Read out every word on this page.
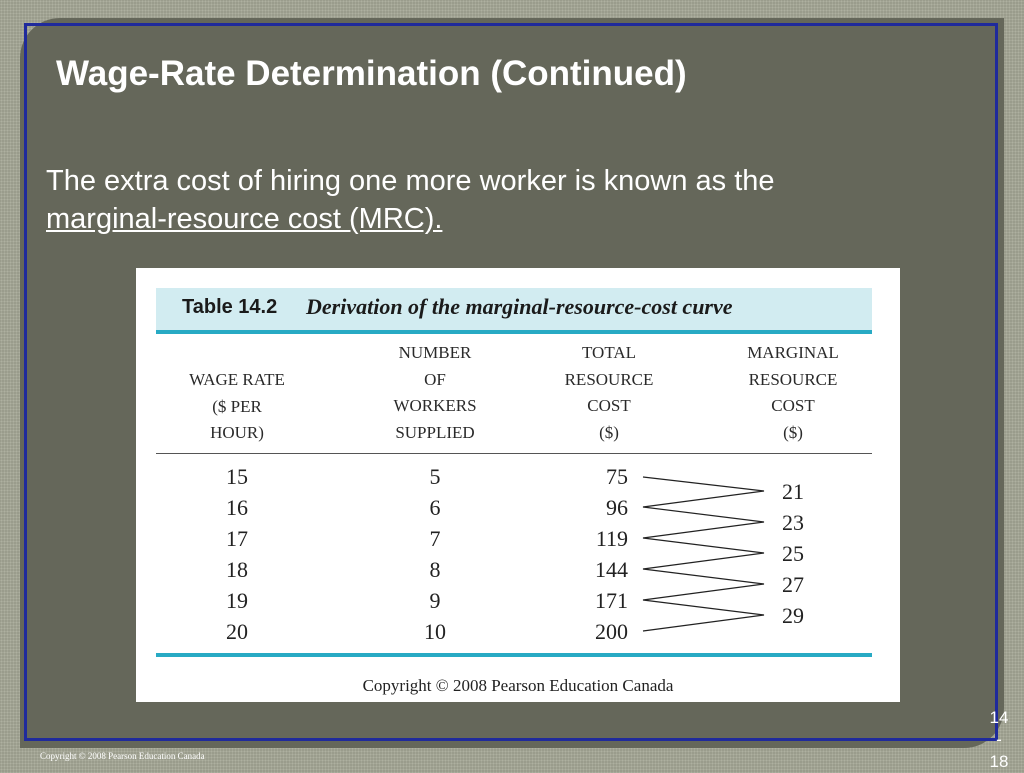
Wage-Rate Determination (Continued)
The extra cost of hiring one more worker is known as the
marginal-resource cost (MRC).
Table 14.2 Derivation of the marginal-resource-cost curve
WAGE RATE
($ PER
HOUR)
NUMBER
OF
WORKERS
SUPPLIED
TOTAL
RESOURCE
COST
($)
MARGINAL
RESOURCE
COST
($)
15
16
17
18
19
20
5
6
7
8
9
10
75
96
119
144
171
200
21
23
25
27
29
Copyright © 2008 Pearson Education Canada
Copyright © 2008 Pearson Education Canada
14
-
18
